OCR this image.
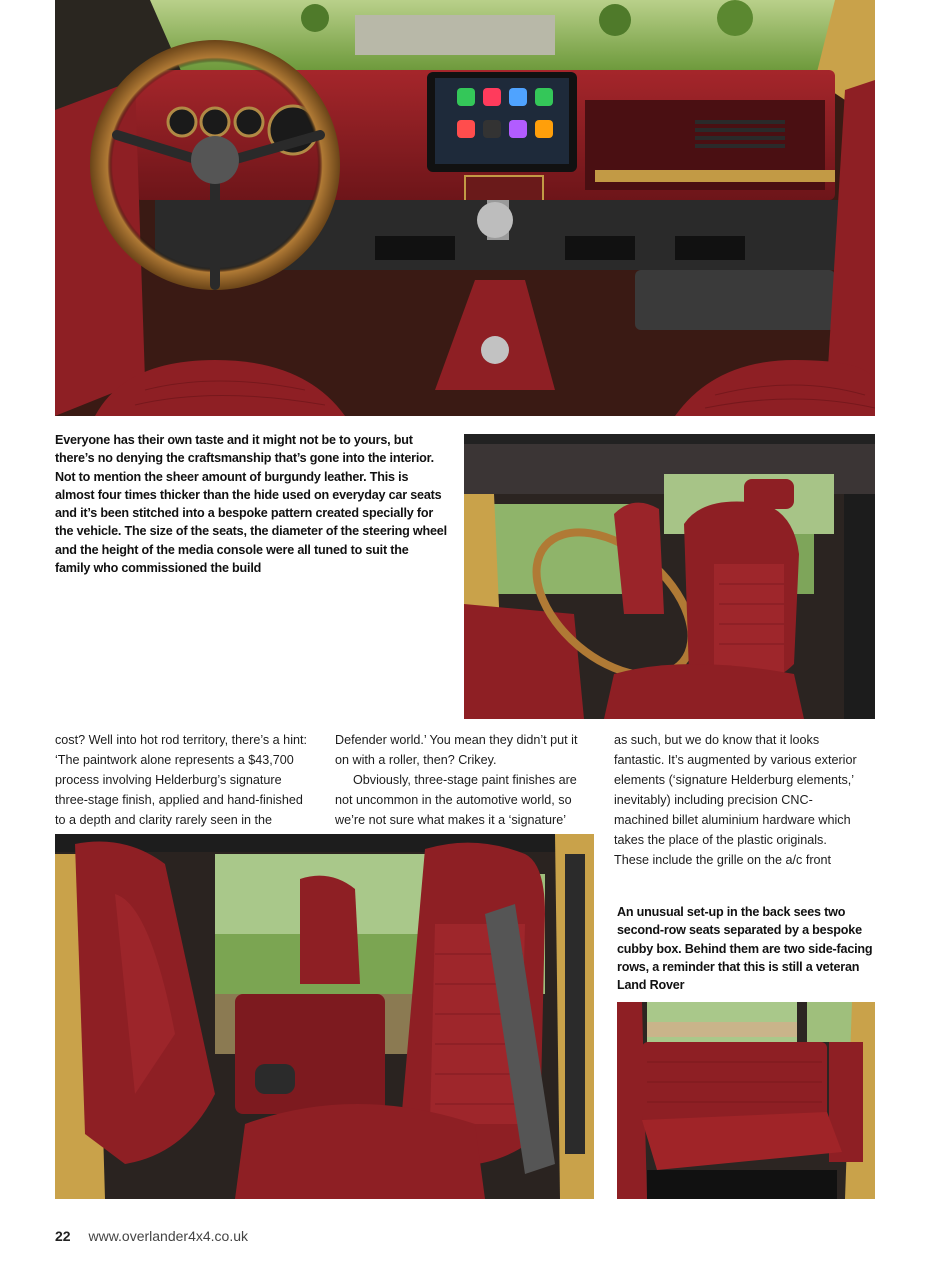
Everyone has their own taste and it might not be to yours, but there’s no denying the craftsmanship that’s gone into the interior. Not to mention the sheer amount of burgundy leather. This is almost four times thicker than the hide used on everyday car seats and it’s been stitched into a bespoke pattern created specially for the vehicle. The size of the seats, the diameter of the steering wheel and the height of the media console were all tuned to suit the family who commissioned the build

cost? Well into hot rod territory, there’s a hint:

‘The paintwork alone represents a $43,700

process involving Helderburg’s signature

three-stage finish, applied and hand-finished

to a depth and clarity rarely seen in the

Defender world.’ You mean they didn’t put it

on with a roller, then? Crikey.

Obviously, three-stage paint finishes are

not uncommon in the automotive world, so

we’re not sure what makes it a ‘signature’

as such, but we do know that it looks

fantastic. It’s augmented by various exterior

elements (‘signature Helderburg elements,’

inevitably) including precision CNC-

machined billet aluminium hardware which

takes the place of the plastic originals.

These include the grille on the a/c front

An unusual set-up in the back sees two second-row seats separated by a bespoke cubby box. Behind them are two side-facing rows, a reminder that this is still a veteran Land Rover
22 www.overlander4x4.co.uk
